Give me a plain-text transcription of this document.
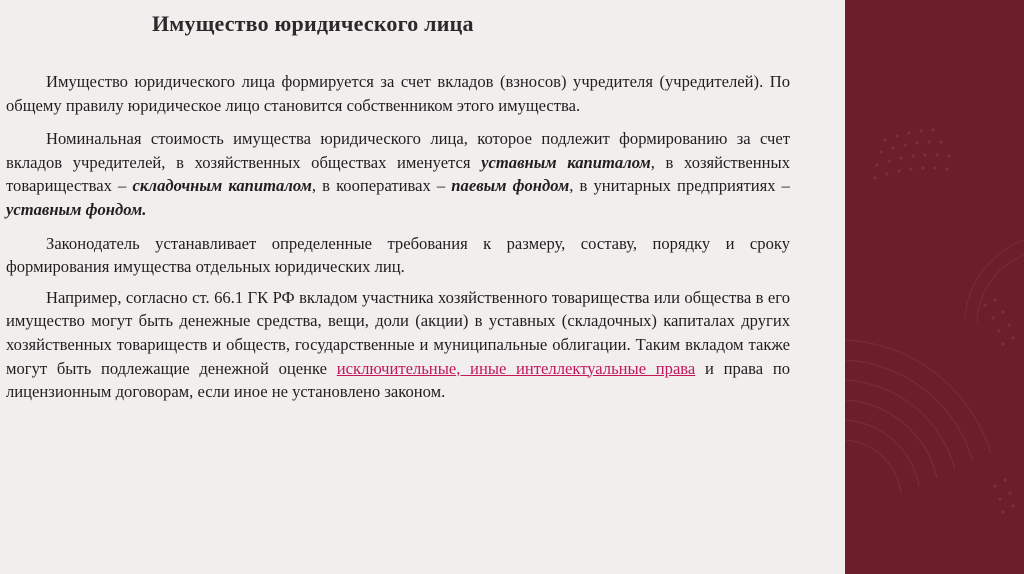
Имущество юридического лица

Имущество юридического лица формируется за счет вкладов (взносов) учредителя (учредителей). По общему правилу юридическое лицо становится собственником этого имущества.

Номинальная стоимость имущества юридического лица, которое подлежит формированию за счет вкладов учредителей, в хозяйственных обществах именуется уставным капиталом, в хозяйственных товариществах – складочным капиталом, в кооперативах – паевым фондом, в унитарных предприятиях – уставным фондом.

Законодатель устанавливает определенные требования к размеру, составу, порядку и сроку формирования имущества отдельных юридических лиц.

Например, согласно ст. 66.1 ГК РФ вкладом участника хозяйственного товарищества или общества в его имущество могут быть денежные средства, вещи, доли (акции) в уставных (складочных) капиталах других хозяйственных товариществ и обществ, государственные и муниципальные облигации. Таким вкладом также могут быть подлежащие денежной оценке исключительные, иные интеллектуальные права и права по лицензионным договорам, если иное не установлено законом.
